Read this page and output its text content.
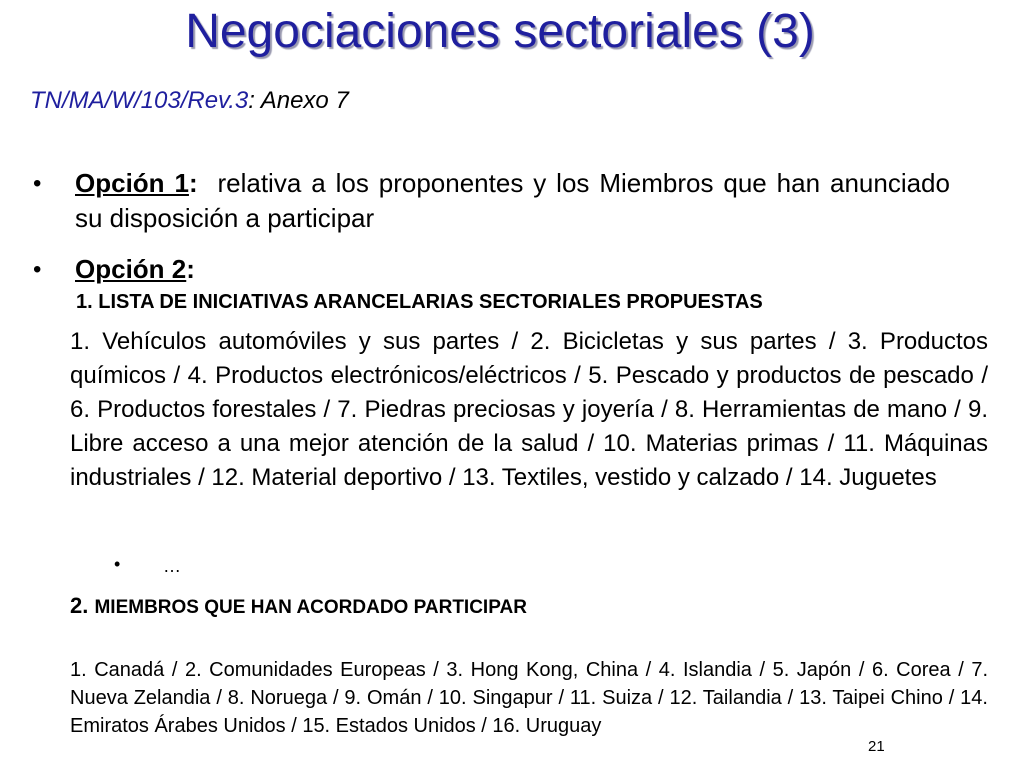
Negociaciones sectoriales (3)
TN/MA/W/103/Rev.3: Anexo 7
• Opción 1: relativa a los proponentes y los Miembros que han anunciado su disposición a participar
• Opción 2:
1. LISTA DE INICIATIVAS ARANCELARIAS SECTORIALES PROPUESTAS
1. Vehículos automóviles y sus partes / 2. Bicicletas y sus partes / 3. Productos químicos / 4. Productos electrónicos/eléctricos / 5. Pescado y productos de pescado / 6. Productos forestales / 7. Piedras preciosas y joyería / 8. Herramientas de mano / 9. Libre acceso a una mejor atención de la salud / 10. Materias primas / 11. Máquinas industriales / 12. Material deportivo / 13. Textiles, vestido y calzado / 14. Juguetes
• …
2. MIEMBROS QUE HAN ACORDADO PARTICIPAR
1. Canadá / 2. Comunidades Europeas / 3. Hong Kong, China / 4. Islandia / 5. Japón / 6. Corea / 7. Nueva Zelandia / 8. Noruega / 9. Omán / 10. Singapur / 11. Suiza / 12. Tailandia / 13. Taipei Chino / 14. Emiratos Árabes Unidos / 15. Estados Unidos / 16. Uruguay
21
